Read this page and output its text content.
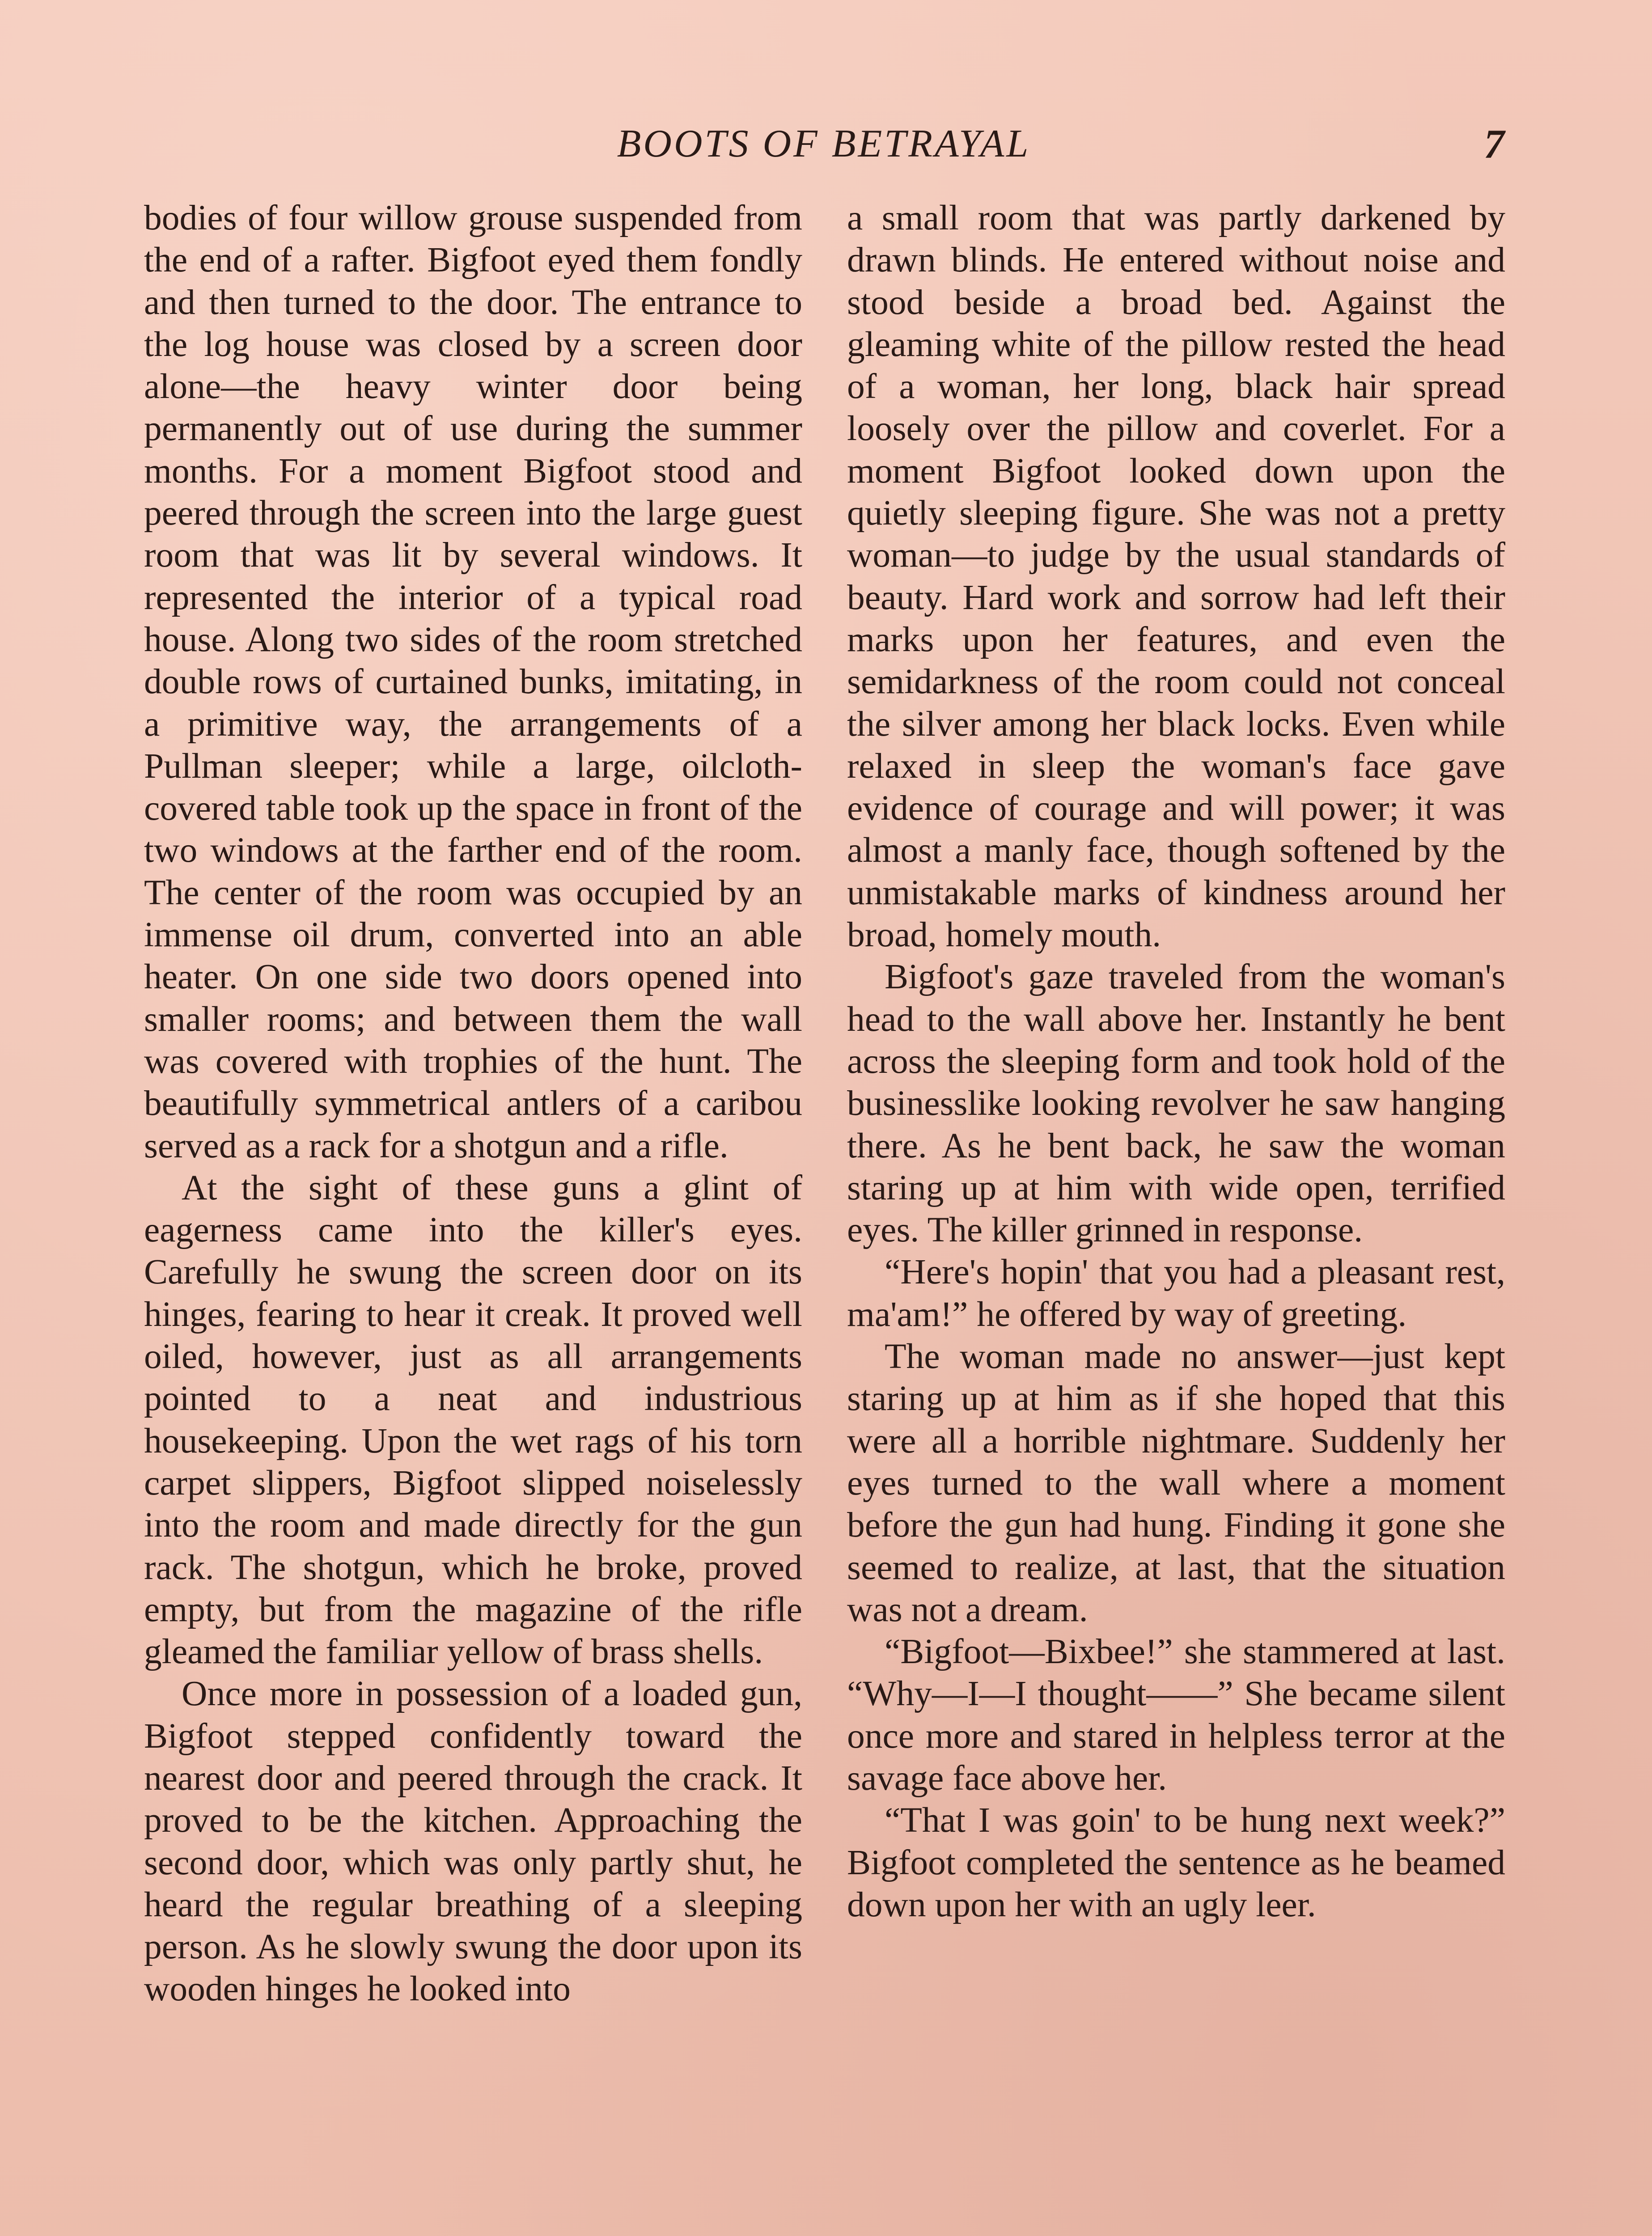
BOOTS OF BETRAYAL	7

bodies of four willow grouse suspended from the end of a rafter. Bigfoot eyed them fondly and then turned to the door. The entrance to the log house was closed by a screen door alone—the heavy winter door being permanently out of use during the summer months. For a moment Bigfoot stood and peered through the screen into the large guest room that was lit by several windows. It represented the interior of a typical road house. Along two sides of the room stretched double rows of curtained bunks, imitating, in a primitive way, the arrangements of a Pullman sleeper; while a large, oilcloth-covered table took up the space in front of the two windows at the farther end of the room. The center of the room was occupied by an immense oil drum, converted into an able heater. On one side two doors opened into smaller rooms; and between them the wall was covered with trophies of the hunt. The beautifully symmetrical antlers of a caribou served as a rack for a shotgun and a rifle.

At the sight of these guns a glint of eagerness came into the killer's eyes. Carefully he swung the screen door on its hinges, fearing to hear it creak. It proved well oiled, however, just as all arrangements pointed to a neat and industrious housekeeping. Upon the wet rags of his torn carpet slippers, Bigfoot slipped noiselessly into the room and made directly for the gun rack. The shotgun, which he broke, proved empty, but from the magazine of the rifle gleamed the familiar yellow of brass shells.

Once more in possession of a loaded gun, Bigfoot stepped confidently toward the nearest door and peered through the crack. It proved to be the kitchen. Approaching the second door, which was only partly shut, he heard the regular breathing of a sleeping person. As he slowly swung the door upon its wooden hinges he looked into

a small room that was partly darkened by drawn blinds. He entered without noise and stood beside a broad bed. Against the gleaming white of the pillow rested the head of a woman, her long, black hair spread loosely over the pillow and coverlet. For a moment Bigfoot looked down upon the quietly sleeping figure. She was not a pretty woman—to judge by the usual standards of beauty. Hard work and sorrow had left their marks upon her features, and even the semidarkness of the room could not conceal the silver among her black locks. Even while relaxed in sleep the woman's face gave evidence of courage and will power; it was almost a manly face, though softened by the unmistakable marks of kindness around her broad, homely mouth.

Bigfoot's gaze traveled from the woman's head to the wall above her. Instantly he bent across the sleeping form and took hold of the businesslike looking revolver he saw hanging there. As he bent back, he saw the woman staring up at him with wide open, terrified eyes. The killer grinned in response.

“Here's hopin' that you had a pleasant rest, ma'am!” he offered by way of greeting.

The woman made no answer—just kept staring up at him as if she hoped that this were all a horrible nightmare. Suddenly her eyes turned to the wall where a moment before the gun had hung. Finding it gone she seemed to realize, at last, that the situation was not a dream.

“Bigfoot—Bixbee!” she stammered at last. “Why—I—I thought——” She became silent once more and stared in helpless terror at the savage face above her.

“That I was goin' to be hung next week?” Bigfoot completed the sentence as he beamed down upon her with an ugly leer.
